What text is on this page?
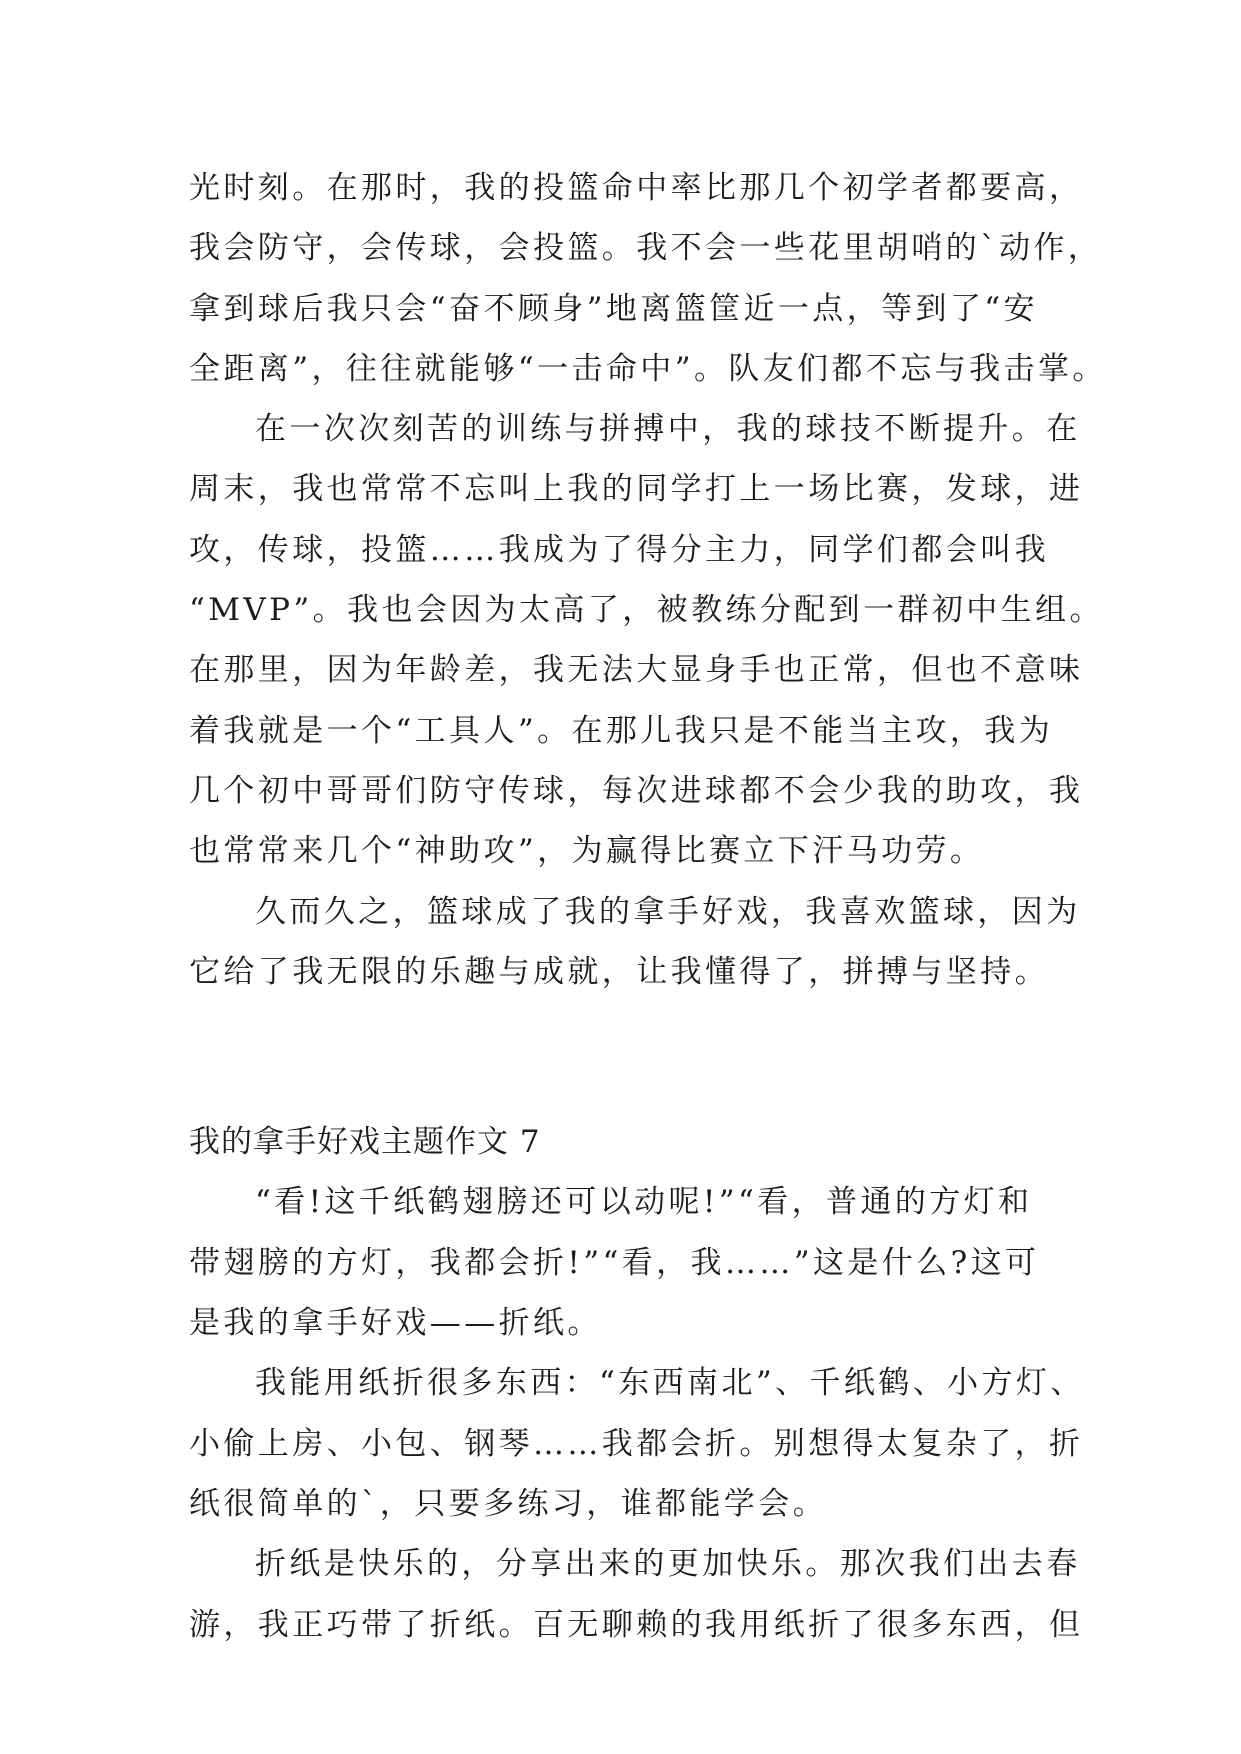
光时刻。在那时，我的投篮命中率比那几个初学者都要高，
我会防守，会传球，会投篮。我不会一些花里胡哨的`动作，
拿到球后我只会“奋不顾身”地离篮筐近一点，等到了“安
全距离”，往往就能够“一击命中”。队友们都不忘与我击掌。
在一次次刻苦的训练与拼搏中，我的球技不断提升。在
周末，我也常常不忘叫上我的同学打上一场比赛，发球，进
攻，传球，投篮……我成为了得分主力，同学们都会叫我
“MVP”。我也会因为太高了，被教练分配到一群初中生组。
在那里，因为年龄差，我无法大显身手也正常，但也不意味
着我就是一个“工具人”。在那儿我只是不能当主攻，我为
几个初中哥哥们防守传球，每次进球都不会少我的助攻，我
也常常来几个“神助攻”，为赢得比赛立下汗马功劳。
久而久之，篮球成了我的拿手好戏，我喜欢篮球，因为
它给了我无限的乐趣与成就，让我懂得了，拼搏与坚持。
我的拿手好戏主题作文 7
“看!这千纸鹤翅膀还可以动呢!”“看，普通的方灯和
带翅膀的方灯，我都会折!”“看，我……”这是什么?这可
是我的拿手好戏——折纸。
我能用纸折很多东西：“东西南北”、千纸鹤、小方灯、
小偷上房、小包、钢琴……我都会折。别想得太复杂了，折
纸很简单的`，只要多练习，谁都能学会。
折纸是快乐的，分享出来的更加快乐。那次我们出去春
游，我正巧带了折纸。百无聊赖的我用纸折了很多东西，但
